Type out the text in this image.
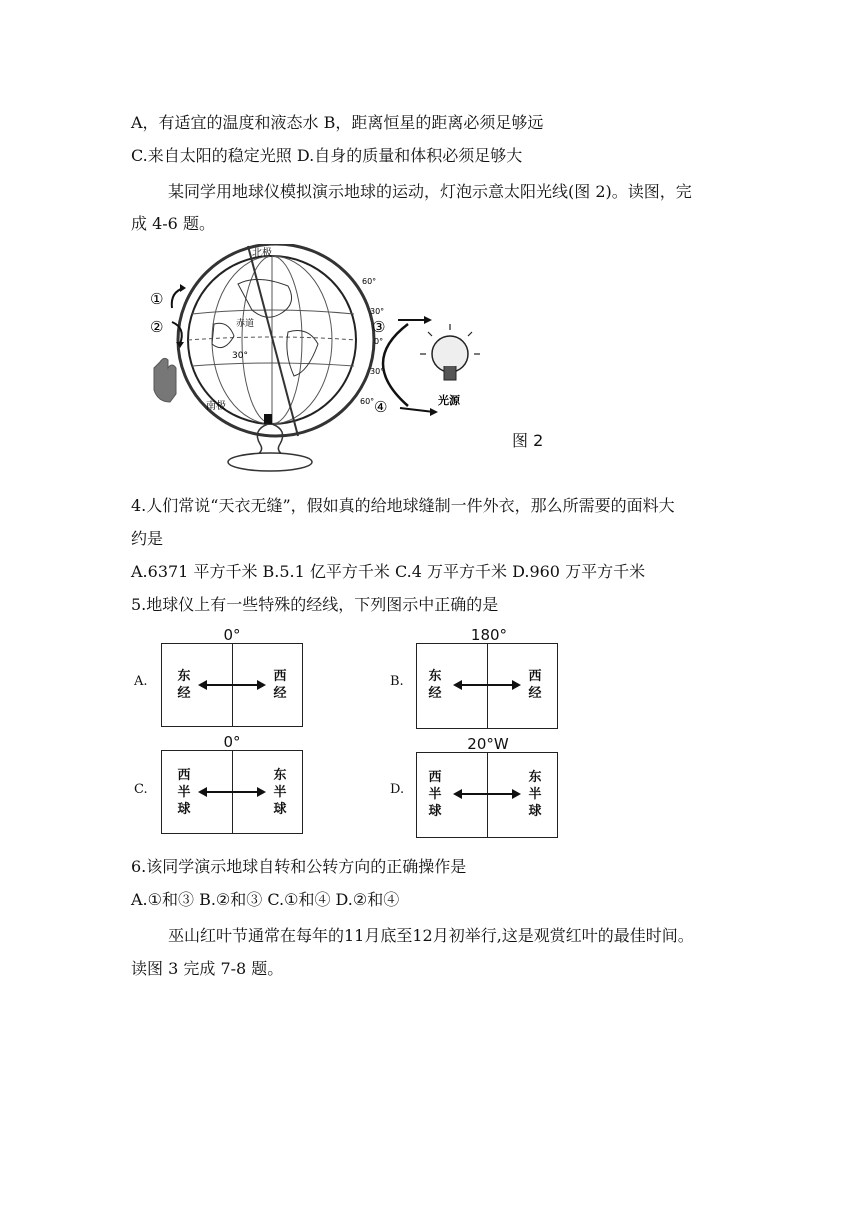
A，有适宜的温度和液态水 B，距离恒星的距离必须足够远
C.来自太阳的稳定光照 D.自身的质量和体积必须足够大
某同学用地球仪模拟演示地球的运动，灯泡示意太阳光线(图 2)。读图，完
成 4-6 题。
北极
南极
赤道
30°
60°
30°
0°
30°
60°
①
②	③
④	光源
图 2
4.人们常说“天衣无缝”，假如真的给地球缝制一件外衣，那么所需要的面料大
约是
A.6371 平方千米 B.5.1 亿平方千米 C.4 万平方千米 D.960 万平方千米
5.地球仪上有一些特殊的经线，下列图示中正确的是
A.
0°
东
经
西
经
B.
180°
东
经
西
经
C.
0°
西
半
球
东
半
球
D.
20°W
西
半
球
东
半
球
6.该同学演示地球自转和公转方向的正确操作是
A.①和③ B.②和③ C.①和④ D.②和④
巫山红叶节通常在每年的11月底至12月初举行,这是观赏红叶的最佳时间。
读图 3 完成 7-8 题。
